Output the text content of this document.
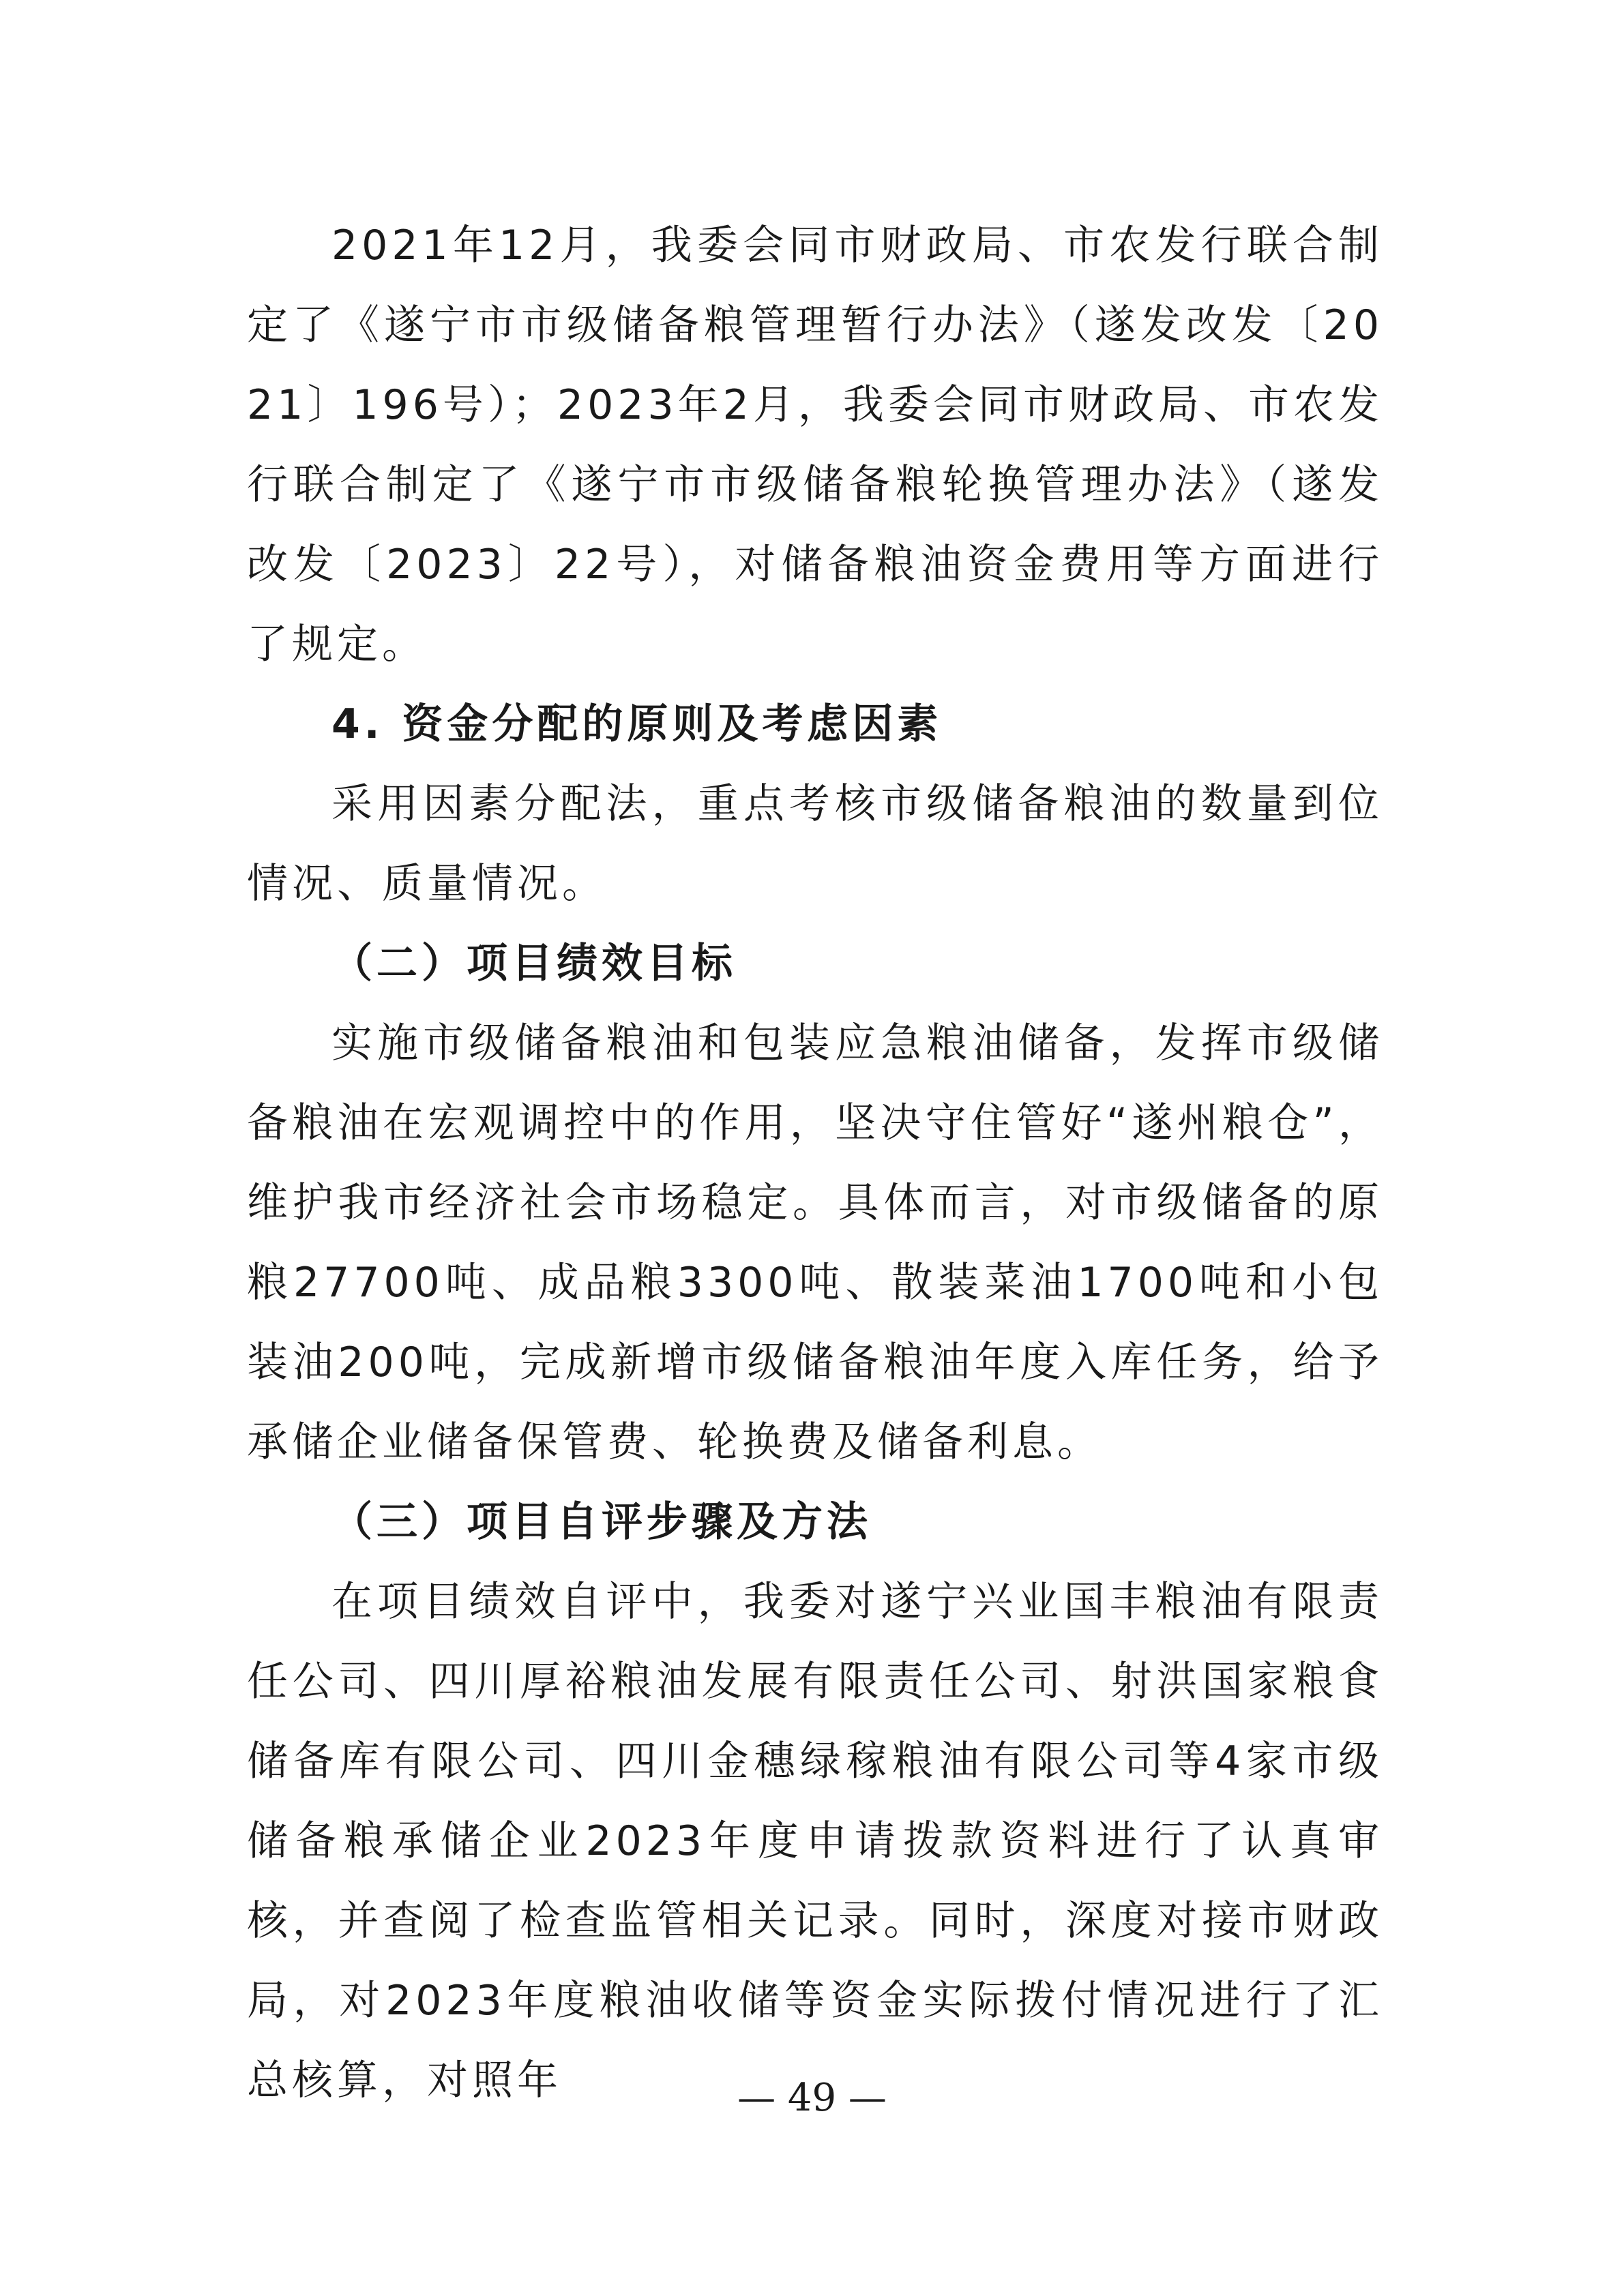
2021年12月，我委会同市财政局、市农发行联合制定了《遂宁市市级储备粮管理暂行办法》（遂发改发〔2021〕196号）；2023年2月，我委会同市财政局、市农发行联合制定了《遂宁市市级储备粮轮换管理办法》（遂发改发〔2023〕22号），对储备粮油资金费用等方面进行了规定。

4. 资金分配的原则及考虑因素

采用因素分配法，重点考核市级储备粮油的数量到位情况、质量情况。

（二）项目绩效目标

实施市级储备粮油和包装应急粮油储备，发挥市级储备粮油在宏观调控中的作用，坚决守住管好“遂州粮仓”，维护我市经济社会市场稳定。具体而言，对市级储备的原粮27700吨、成品粮3300吨、散装菜油1700吨和小包装油200吨，完成新增市级储备粮油年度入库任务，给予承储企业储备保管费、轮换费及储备利息。

（三）项目自评步骤及方法

在项目绩效自评中，我委对遂宁兴业国丰粮油有限责任公司、四川厚裕粮油发展有限责任公司、射洪国家粮食储备库有限公司、四川金穗绿稼粮油有限公司等4家市级储备粮承储企业2023年度申请拨款资料进行了认真审核，并查阅了检查监管相关记录。同时，深度对接市财政局，对2023年度粮油收储等资金实际拨付情况进行了汇总核算，对照年	— 49 —
